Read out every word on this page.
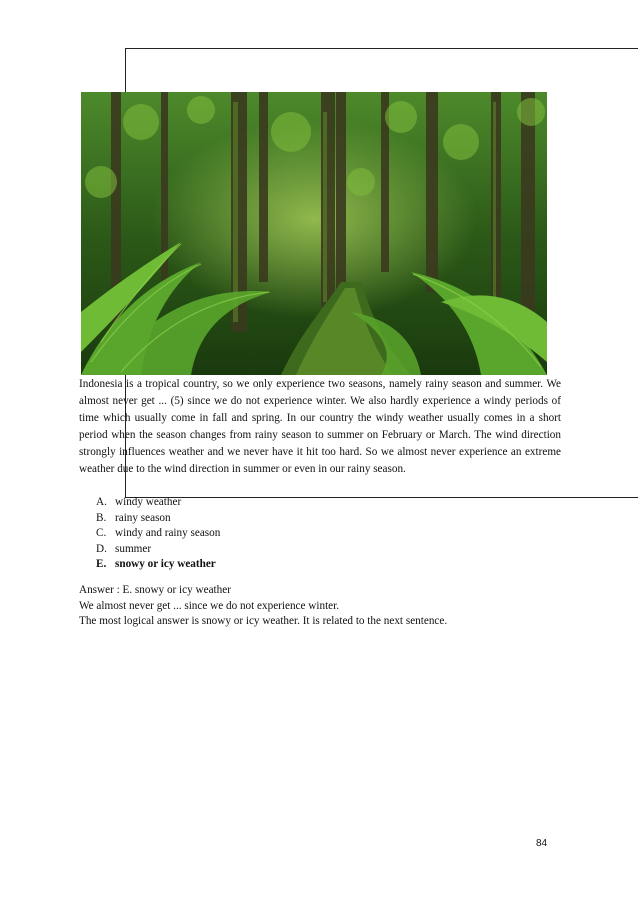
Indonesia is a tropical country, so we only experience two seasons, namely rainy season and summer. We almost never get ... (5) since we do not experience winter. We also hardly experience a windy periods of time which usually come in fall and spring. In our country the windy weather usually comes in a short period when the season changes from rainy season to summer on February or March. The wind direction strongly influences weather and we never have it hit too hard. So we almost never experience an extreme weather due to the wind direction in summer or even in our rainy season.

A. windy weather
B. rainy season
C. windy and rainy season
D. summer
E. snowy or icy weather

Answer : E. snowy or icy weather

We almost never get ... since we do not experience winter.

The most logical answer is snowy or icy weather. It is related to the next sentence.

84
